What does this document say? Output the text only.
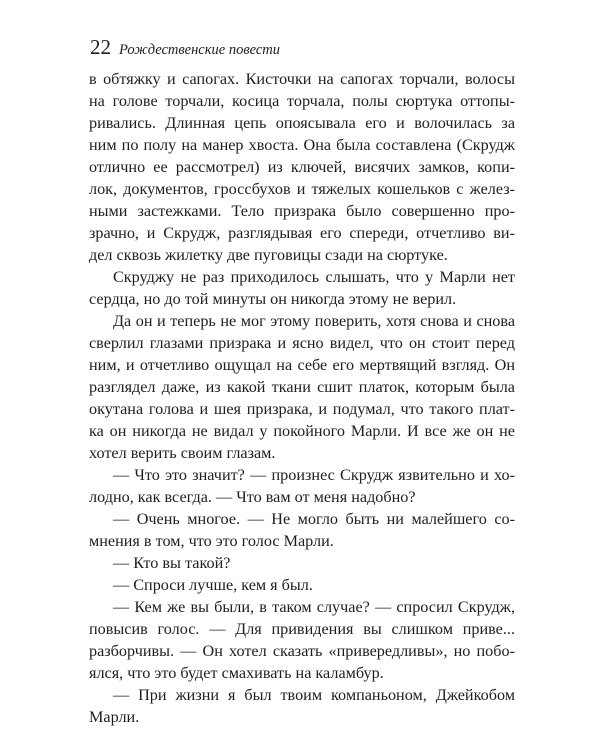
22 Рождественские повести
в обтяжку и сапогах. Кисточки на сапогах торчали, волосы
на голове торчали, косица торчала, полы сюртука оттопы-
ривались. Длинная цепь опоясывала его и волочилась за
ним по полу на манер хвоста. Она была составлена (Скрудж
отлично ее рассмотрел) из ключей, висячих замков, копи-
лок, документов, гроссбухов и тяжелых кошельков с желез-
ными застежками. Тело призрака было совершенно про-
зрачно, и Скрудж, разглядывая его спереди, отчетливо ви-
дел сквозь жилетку две пуговицы сзади на сюртуке.
Скруджу не раз приходилось слышать, что у Марли нет
сердца, но до той минуты он никогда этому не верил.
Да он и теперь не мог этому поверить, хотя снова и снова
сверлил глазами призрака и ясно видел, что он стоит перед
ним, и отчетливо ощущал на себе его мертвящий взгляд. Он
разглядел даже, из какой ткани сшит платок, которым была
окутана голова и шея призрака, и подумал, что такого плат-
ка он никогда не видал у покойного Марли. И все же он не
хотел верить своим глазам.
— Что это значит? — произнес Скрудж язвительно и хо-
лодно, как всегда. — Что вам от меня надобно?
— Очень многое. — Не могло быть ни малейшего со-
мнения в том, что это голос Марли.
— Кто вы такой?
— Спроси лучше, кем я был.
— Кем же вы были, в таком случае? — спросил Скрудж,
повысив голос. — Для привидения вы слишком приве...
разборчивы. — Он хотел сказать «привередливы», но побо-
ялся, что это будет смахивать на каламбур.
— При жизни я был твоим компаньоном, Джейкобом
Марли.
